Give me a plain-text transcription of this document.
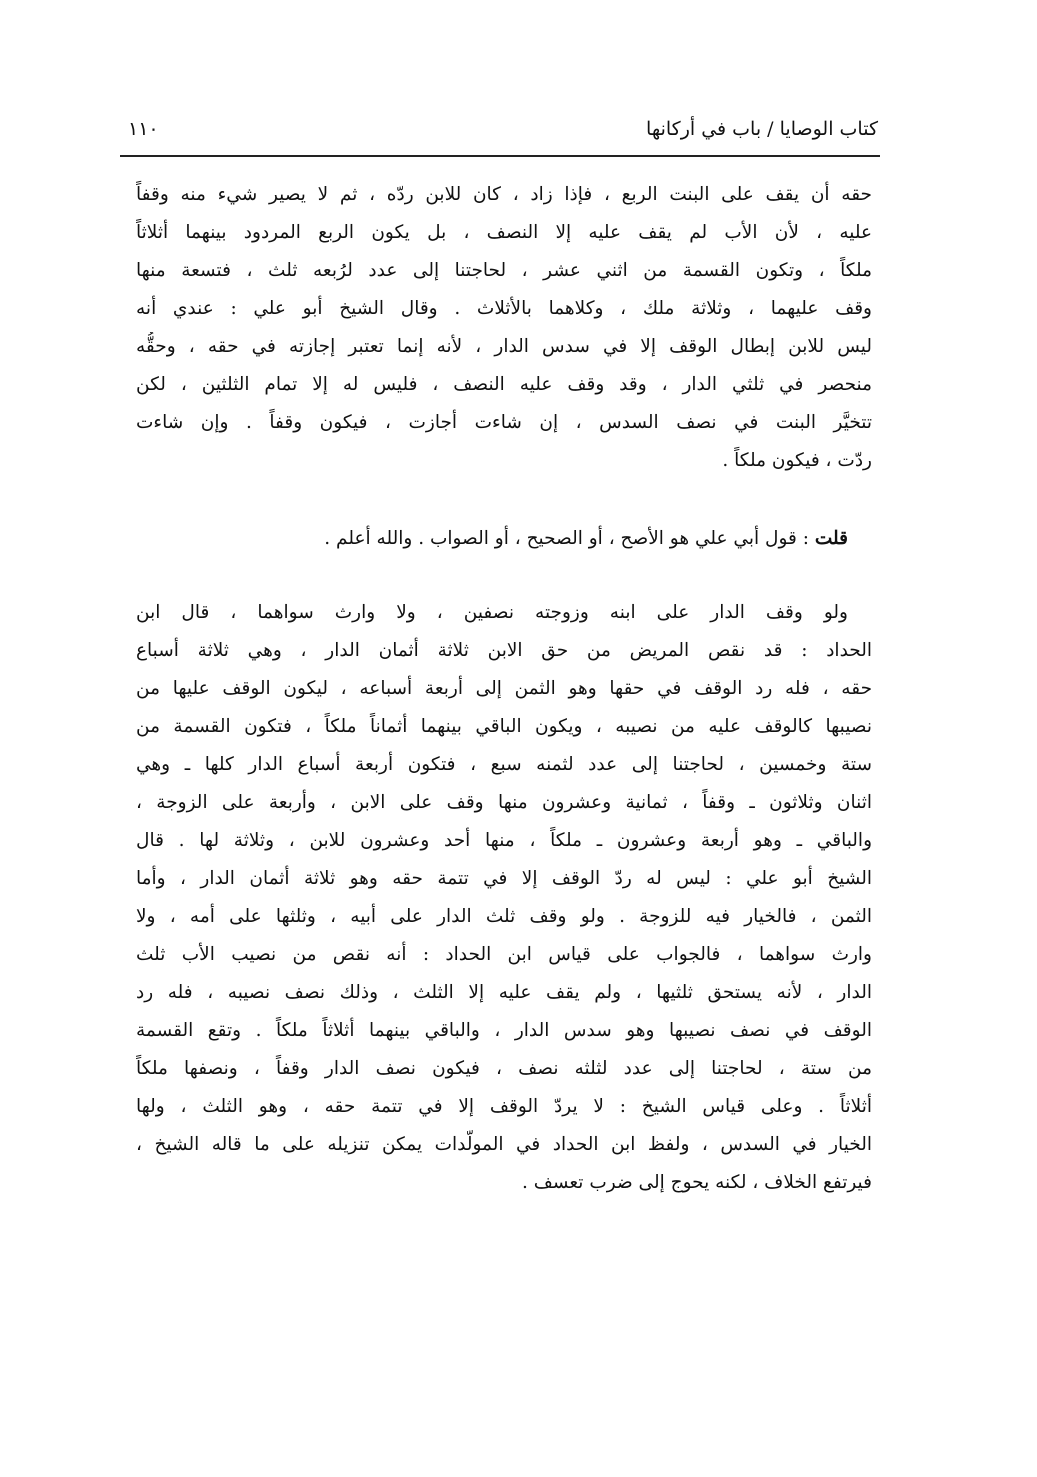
كتاب الوصايا / باب في أركانها
١١٠
حقه أن يقف على البنت الربع ، فإذا زاد ، كان للابن ردّه ، ثم لا يصير شيء منه وقفاً
عليه ، لأن الأب لم يقف عليه إلا النصف ، بل يكون الربع المردود بينهما أثلاثاً
ملكاً ، وتكون القسمة من اثني عشر ، لحاجتنا إلى عدد لرُبعه ثلث ، فتسعة منها
وقف عليهما ، وثلاثة ملك ، وكلاهما بالأثلاث . وقال الشيخ أبو علي : عندي أنه
ليس للابن إبطال الوقف إلا في سدس الدار ، لأنه إنما تعتبر إجازته في حقه ، وحقُّه
منحصر في ثلثي الدار ، وقد وقف عليه النصف ، فليس له إلا تمام الثلثين ، لكن
تتخيَّر البنت في نصف السدس ، إن شاءت أجازت ، فيكون وقفاً . وإن شاءت
ردّت ، فيكون ملكاً .
قلت : قول أبي علي هو الأصح ، أو الصحيح ، أو الصواب . والله أعلم .
ولو وقف الدار على ابنه وزوجته نصفين ، ولا وارث سواهما ، قال ابن
الحداد : قد نقص المريض من حق الابن ثلاثة أثمان الدار ، وهي ثلاثة أسباع
حقه ، فله رد الوقف في حقها وهو الثمن إلى أربعة أسباعه ، ليكون الوقف عليها من
نصيبها كالوقف عليه من نصيبه ، ويكون الباقي بينهما أثماناً ملكاً ، فتكون القسمة من
ستة وخمسين ، لحاجتنا إلى عدد لثمنه سبع ، فتكون أربعة أسباع الدار كلها ـ وهي
اثنان وثلاثون ـ وقفاً ، ثمانية وعشرون منها وقف على الابن ، وأربعة على الزوجة ،
والباقي ـ وهو أربعة وعشرون ـ ملكاً ، منها أحد وعشرون للابن ، وثلاثة لها . قال
الشيخ أبو علي : ليس له ردّ الوقف إلا في تتمة حقه وهو ثلاثة أثمان الدار ، وأما
الثمن ، فالخيار فيه للزوجة . ولو وقف ثلث الدار على أبيه ، وثلثها على أمه ، ولا
وارث سواهما ، فالجواب على قياس ابن الحداد : أنه نقص من نصيب الأب ثلث
الدار ، لأنه يستحق ثلثيها ، ولم يقف عليه إلا الثلث ، وذلك نصف نصيبه ، فله رد
الوقف في نصف نصيبها وهو سدس الدار ، والباقي بينهما أثلاثاً ملكاً . وتقع القسمة
من ستة ، لحاجتنا إلى عدد لثلثه نصف ، فيكون نصف الدار وقفاً ، ونصفها ملكاً
أثلاثاً . وعلى قياس الشيخ : لا يردّ الوقف إلا في تتمة حقه ، وهو الثلث ، ولها
الخيار في السدس ، ولفظ ابن الحداد في المولَّدات يمكن تنزيله على ما قاله الشيخ ،
فيرتفع الخلاف ، لكنه يحوج إلى ضرب تعسف .
